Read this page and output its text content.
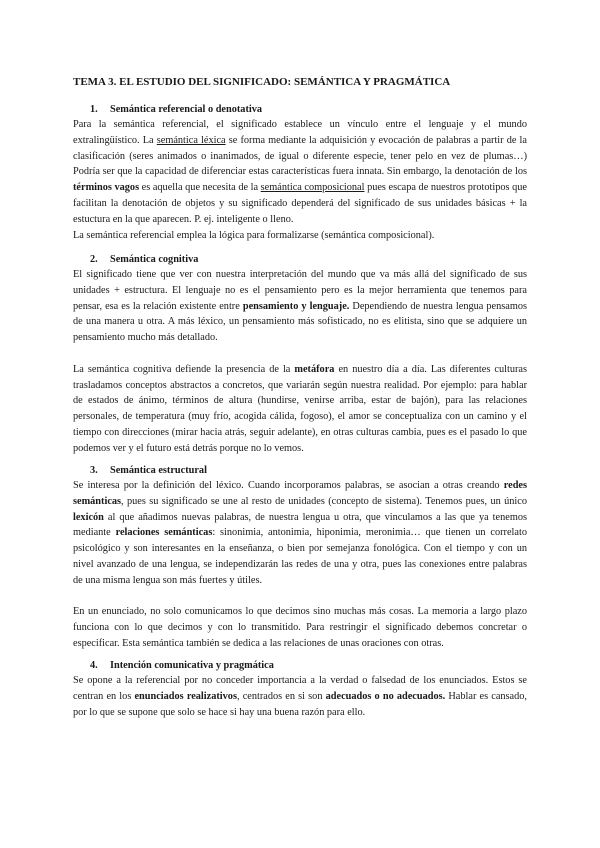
TEMA 3. EL ESTUDIO DEL SIGNIFICADO: SEMÁNTICA Y PRAGMÁTICA
1. Semántica referencial o denotativa

Para la semántica referencial, el significado establece un vínculo entre el lenguaje y el mundo extralingüístico. La semántica léxica se forma mediante la adquisición y evocación de palabras a partir de la clasificación (seres animados o inanimados, de igual o diferente especie, tener pelo en vez de plumas…) Podría ser que la capacidad de diferenciar estas características fuera innata. Sin embargo, la denotación de los términos vagos es aquella que necesita de la semántica composicional pues escapa de nuestros prototipos que facilitan la denotación de objetos y su significado dependerá del significado de sus unidades básicas + la estuctura en la que aparecen. P. ej. inteligente o lleno.

La semántica referencial emplea la lógica para formalizarse (semántica composicional).

2. Semántica cognitiva

El significado tiene que ver con nuestra interpretación del mundo que va más allá del significado de sus unidades + estructura. El lenguaje no es el pensamiento pero es la mejor herramienta que tenemos para pensar, esa es la relación existente entre pensamiento y lenguaje. Dependiendo de nuestra lengua pensamos de una manera u otra. A más léxico, un pensamiento más sofisticado, no es elitista, sino que se adquiere un pensamiento mucho más detallado.

La semántica cognitiva defiende la presencia de la metáfora en nuestro día a día. Las diferentes culturas trasladamos conceptos abstractos a concretos, que variarán según nuestra realidad. Por ejemplo: para hablar de estados de ánimo, términos de altura (hundirse, venirse arriba, estar de bajón), para las relaciones personales, de temperatura (muy frío, acogida cálida, fogoso), el amor se conceptualiza con un camino y el tiempo con direcciones (mirar hacia atrás, seguir adelante), en otras culturas cambia, pues es el pasado lo que podemos ver y el futuro está detrás porque no lo vemos.

3. Semántica estructural

Se interesa por la definición del léxico. Cuando incorporamos palabras, se asocian a otras creando redes semánticas, pues su significado se une al resto de unidades (concepto de sistema). Tenemos pues, un único lexicón al que añadimos nuevas palabras, de nuestra lengua u otra, que vinculamos a las que ya tenemos mediante relaciones semánticas: sinonimia, antonimia, hiponimia, meronimia… que tienen un correlato psicológico y son interesantes en la enseñanza, o bien por semejanza fonológica. Con el tiempo y con un nivel avanzado de una lengua, se independizarán las redes de una y otra, pues las conexiones entre palabras de una misma lengua son más fuertes y útiles.

En un enunciado, no solo comunicamos lo que decimos sino muchas más cosas. La memoria a largo plazo funciona con lo que decimos y con lo transmitido. Para restringir el significado debemos concretar o especificar. Esta semántica también se dedica a las relaciones de unas oraciones con otras.

4. Intención comunicativa y pragmática

Se opone a la referencial por no conceder importancia a la verdad o falsedad de los enunciados. Estos se centran en los enunciados realizativos, centrados en si son adecuados o no adecuados. Hablar es cansado, por lo que se supone que solo se hace si hay una buena razón para ello.
